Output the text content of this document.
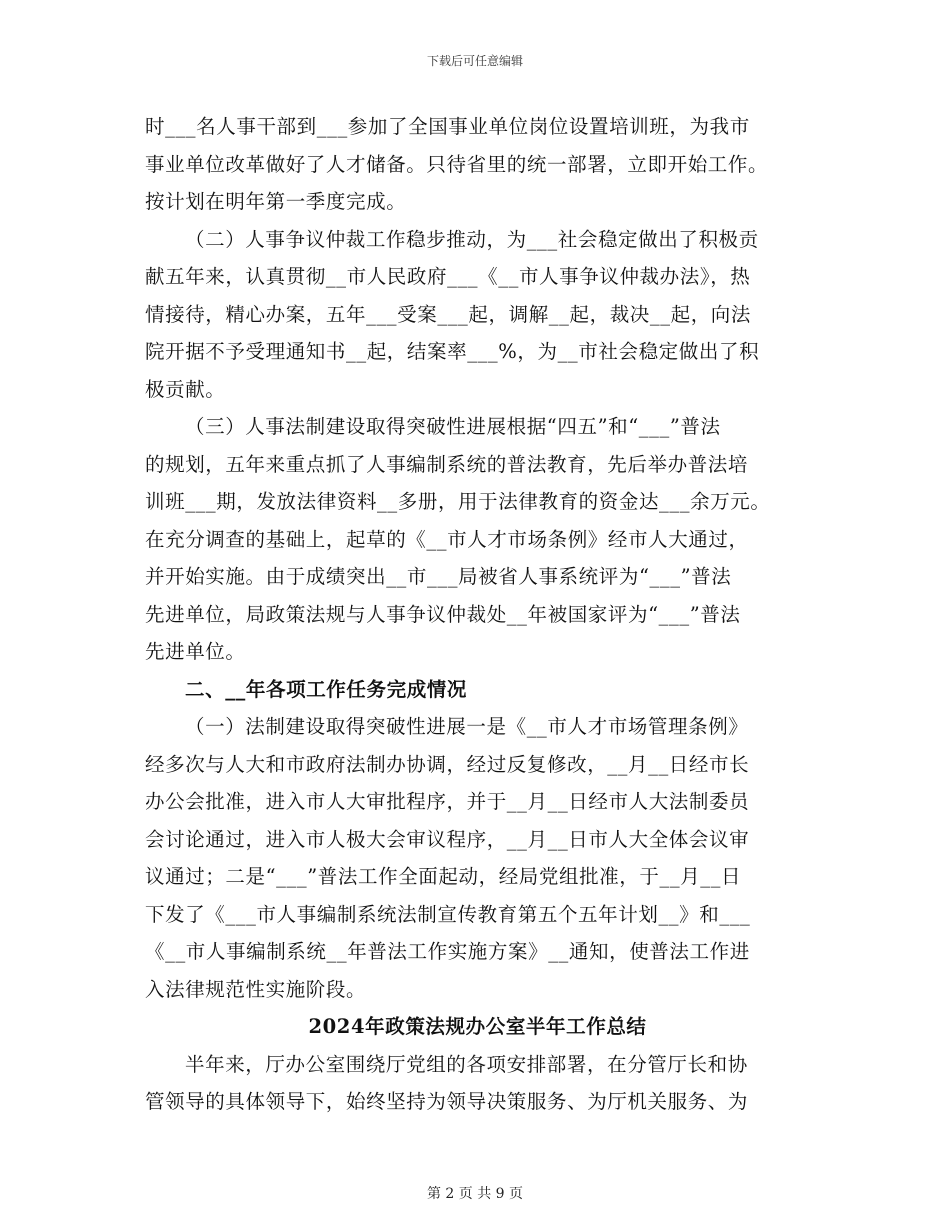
下载后可任意编辑
时___名人事干部到___参加了全国事业单位岗位设置培训班，为我市
事业单位改革做好了人才储备。只待省里的统一部署，立即开始工作。
按计划在明年第一季度完成。
（二）人事争议仲裁工作稳步推动，为___社会稳定做出了积极贡
献五年来，认真贯彻__市人民政府___《__市人事争议仲裁办法》，热
情接待，精心办案，五年___受案___起，调解__起，裁决__起，向法
院开据不予受理通知书__起，结案率___%，为__市社会稳定做出了积
极贡献。
（三）人事法制建设取得突破性进展根据“四五”和“___”普法
的规划，五年来重点抓了人事编制系统的普法教育，先后举办普法培
训班___期，发放法律资料__多册，用于法律教育的资金达___余万元。
在充分调查的基础上，起草的《__市人才市场条例》经市人大通过，
并开始实施。由于成绩突出__市___局被省人事系统评为“___”普法
先进单位，局政策法规与人事争议仲裁处__年被国家评为“___”普法
先进单位。
二、__年各项工作任务完成情况
（一）法制建设取得突破性进展一是《__市人才市场管理条例》
经多次与人大和市政府法制办协调，经过反复修改，__月__日经市长
办公会批准，进入市人大审批程序，并于__月__日经市人大法制委员
会讨论通过，进入市人极大会审议程序，__月__日市人大全体会议审
议通过；二是“___”普法工作全面起动，经局党组批准，于__月__日
下发了《___市人事编制系统法制宣传教育第五个五年计划__》和___
《__市人事编制系统__年普法工作实施方案》__通知，使普法工作进
入法律规范性实施阶段。
2024年政策法规办公室半年工作总结
半年来，厅办公室围绕厅党组的各项安排部署，在分管厅长和协
管领导的具体领导下，始终坚持为领导决策服务、为厅机关服务、为
第 2 页 共 9 页
